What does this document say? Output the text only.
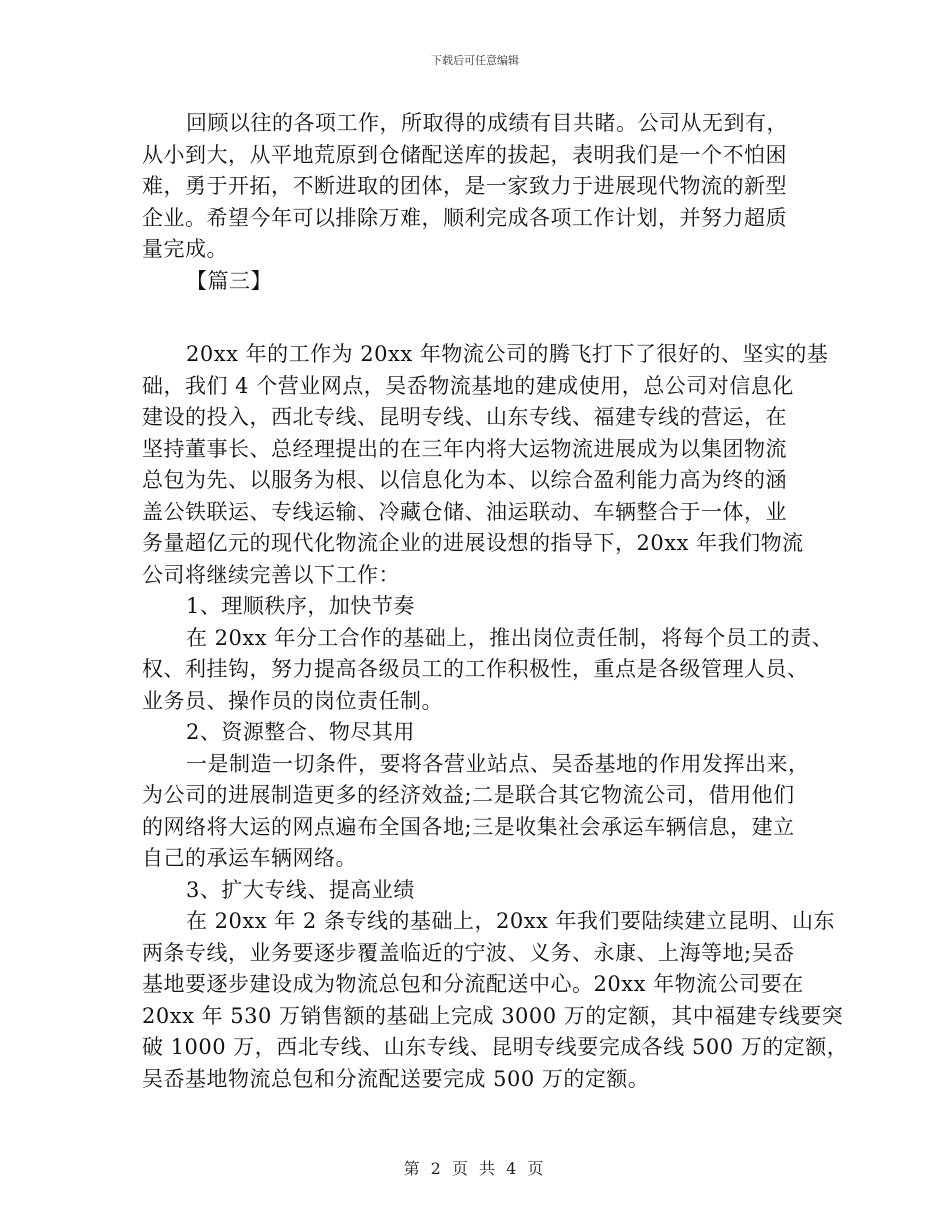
下载后可任意编辑

回顾以往的各项工作，所取得的成绩有目共睹。公司从无到有，

从小到大，从平地荒原到仓储配送库的拔起，表明我们是一个不怕困

难，勇于开拓，不断进取的团体，是一家致力于进展现代物流的新型

企业。希望今年可以排除万难，顺利完成各项工作计划，并努力超质

量完成。

【篇三】

20xx 年的工作为 20xx 年物流公司的腾飞打下了很好的、坚实的基

础，我们 4 个营业网点，吴岙物流基地的建成使用，总公司对信息化

建设的投入，西北专线、昆明专线、山东专线、福建专线的营运，在

坚持董事长、总经理提出的在三年内将大运物流进展成为以集团物流

总包为先、以服务为根、以信息化为本、以综合盈利能力高为终的涵

盖公铁联运、专线运输、冷藏仓储、油运联动、车辆整合于一体，业

务量超亿元的现代化物流企业的进展设想的指导下，20xx 年我们物流

公司将继续完善以下工作：

1、理顺秩序，加快节奏

在 20xx 年分工合作的基础上，推出岗位责任制，将每个员工的责、

权、利挂钩，努力提高各级员工的工作积极性，重点是各级管理人员、

业务员、操作员的岗位责任制。

2、资源整合、物尽其用

一是制造一切条件，要将各营业站点、吴岙基地的作用发挥出来，

为公司的进展制造更多的经济效益;二是联合其它物流公司，借用他们

的网络将大运的网点遍布全国各地;三是收集社会承运车辆信息，建立

自己的承运车辆网络。

3、扩大专线、提高业绩

在 20xx 年 2 条专线的基础上，20xx 年我们要陆续建立昆明、山东

两条专线，业务要逐步覆盖临近的宁波、义务、永康、上海等地;吴岙

基地要逐步建设成为物流总包和分流配送中心。20xx 年物流公司要在

20xx 年 530 万销售额的基础上完成 3000 万的定额，其中福建专线要突

破 1000 万，西北专线、山东专线、昆明专线要完成各线 500 万的定额，

吴岙基地物流总包和分流配送要完成 500 万的定额。

第 2 页 共 4 页
